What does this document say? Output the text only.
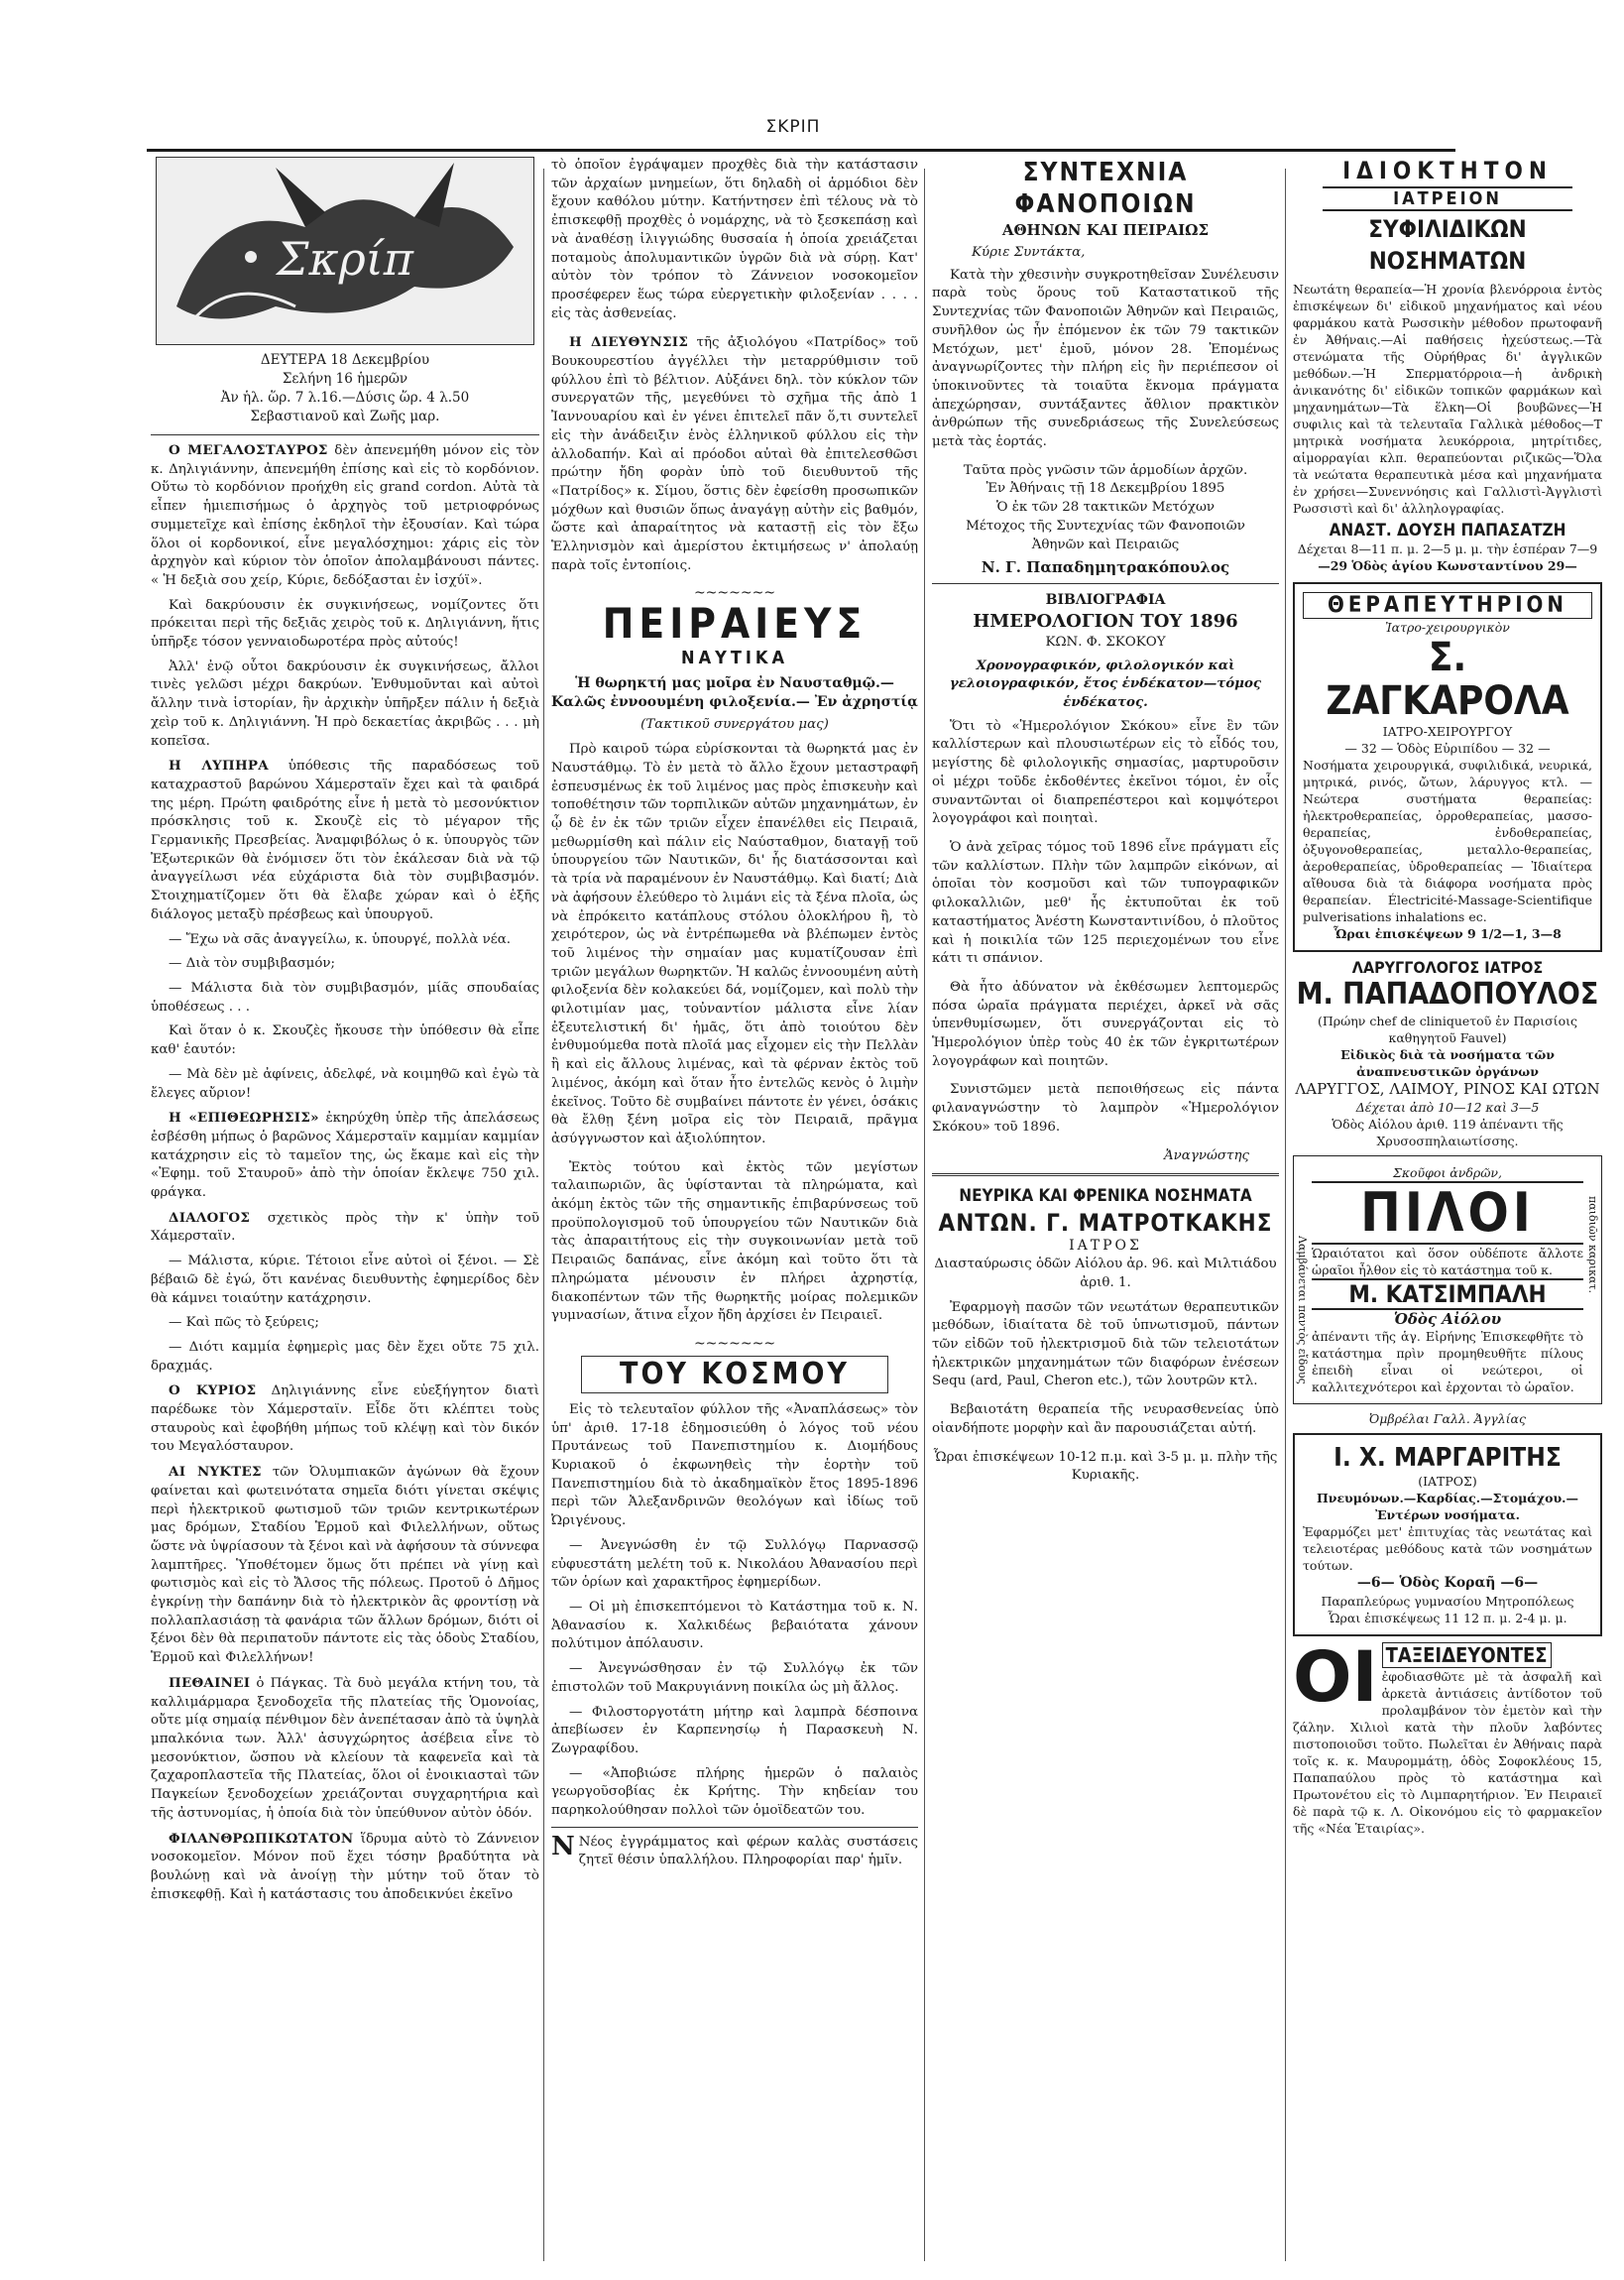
ΣΚΡΙΠ
Σκρίπ
ΔΕΥΤΕΡΑ 18 Δεκεμβρίου
Σελήνη 16 ἡμερῶν
Ἀν ἡλ. ὥρ. 7 λ.16.—Δύσις ὥρ. 4 λ.50
Σεβαστιανοῦ καὶ Ζωῆς μαρ.

Ο ΜΕΓΑΛΟΣΤΑΥΡΟΣ δὲν ἀπενεμήθη μόνον εἰς τὸν κ. Δηλιγιάννην, ἀπενεμήθη ἐπίσης καὶ εἰς τὸ κορδόνιον. Οὕτω τὸ κορδόνιον προήχθη εἰς grand cordon. Αὐτὰ τὰ εἶπεν ἡμιεπισήμως ὁ ἀρχηγὸς τοῦ μετριοφρόνως συμμετεῖχε καὶ ἐπίσης ἐκδηλοῖ τὴν ἐξουσίαν. Καὶ τώρα ὅλοι οἱ κορδονικοί, εἶνε μεγαλόσχημοι: χάρις εἰς τὸν ἀρχηγὸν καὶ κύριον τὸν ὁποῖον ἀπολαμβάνουσι πάντες. « Ἡ δεξιὰ σου χείρ, Κύριε, δεδόξασται ἐν ἰσχύϊ».

Καὶ δακρύουσιν ἐκ συγκινήσεως, νομίζοντες ὅτι πρόκειται περὶ τῆς δεξιᾶς χειρὸς τοῦ κ. Δηλιγιάννη, ἥτις ὑπῆρξε τόσον γενναιοδωροτέρα πρὸς αὐτούς!

Ἀλλ' ἐνῷ οὗτοι δακρύουσιν ἐκ συγκινήσεως, ἄλλοι τινὲς γελῶσι μέχρι δακρύων. Ἐνθυμοῦνται καὶ αὐτοὶ ἄλλην τινὰ ἱστορίαν, ἣν ἀρχικὴν ὑπῆρξεν πάλιν ἡ δεξιὰ χεὶρ τοῦ κ. Δηλιγιάννη. Ἡ πρὸ δεκαετίας ἀκριβῶς . . . μὴ κοπεῖσα.

Η ΛΥΠΗΡΑ ὑπόθεσις τῆς παραδόσεως τοῦ καταχραστοῦ βαρώνου Χάμερσταϊν ἔχει καὶ τὰ φαιδρά της μέρη. Πρώτη φαιδρότης εἶνε ἡ μετὰ τὸ μεσονύκτιον πρόσκλησις τοῦ κ. Σκουζὲ εἰς τὸ μέγαρον τῆς Γερμανικῆς Πρεσβείας. Ἀναμφιβόλως ὁ κ. ὑπουργὸς τῶν Ἐξωτερικῶν θὰ ἐνόμισεν ὅτι τὸν ἐκάλεσαν διὰ νὰ τῷ ἀναγγείλωσι νέα εὐχάριστα διὰ τὸν συμβιβασμόν. Στοιχηματίζομεν ὅτι θὰ ἔλαβε χώραν καὶ ὁ ἑξῆς διάλογος μεταξὺ πρέσβεως καὶ ὑπουργοῦ.

— Ἔχω νὰ σᾶς ἀναγγείλω, κ. ὑπουργέ, πολλὰ νέα.

— Διὰ τὸν συμβιβασμόν;

— Μάλιστα διὰ τὸν συμβιβασμόν, μίᾶς σπουδαίας ὑποθέσεως . . .

Καὶ ὅταν ὁ κ. Σκουζὲς ἤκουσε τὴν ὑπόθεσιν θὰ εἶπε καθ' ἑαυτόν:

— Μὰ δὲν μὲ ἀφίνεις, ἀδελφέ, νὰ κοιμηθῶ καὶ ἐγὼ τὰ ἔλεγες αὔριον!

Η «ΕΠΙΘΕΩΡΗΣΙΣ» ἐκηρύχθη ὑπὲρ τῆς ἀπελάσεως ἐσβέσθη μήπως ὁ βαρῶνος Χάμερσταϊν καμμίαν καμμίαν κατάχρησιν εἰς τὸ ταμεῖον της, ὡς ἔκαμε καὶ εἰς τὴν «Ἐφημ. τοῦ Σταυροῦ» ἀπὸ τὴν ὁποίαν ἔκλεψε 750 χιλ. φράγκα.

ΔΙΑΛΟΓΟΣ σχετικὸς πρὸς τὴν κ' ὑπὴν τοῦ Χάμερσταϊν.

— Μάλιστα, κύριε. Τέτοιοι εἶνε αὐτοὶ οἱ ξένοι. — Σὲ βέβαιῶ δὲ ἐγώ, ὅτι κανένας διευθυντὴς ἐφημερίδος δὲν θὰ κάμνει τοιαύτην κατάχρησιν.

— Καὶ πῶς τὸ ξεύρεις;

— Διότι καμμία ἐφημερὶς μας δὲν ἔχει οὔτε 75 χιλ. δραχμάς.

Ο ΚΥΡΙΟΣ Δηλιγιάννης εἶνε εὐεξήγητον διατὶ παρέδωκε τὸν Χάμερσταϊν. Εἶδε ὅτι κλέπτει τοὺς σταυροὺς καὶ ἐφοβήθη μήπως τοῦ κλέψῃ καὶ τὸν δικόν του Μεγαλόσταυρον.

ΑΙ ΝΥΚΤΕΣ τῶν Ὀλυμπιακῶν ἀγώνων θὰ ἔχουν φαίνεται καὶ φωτεινότατα σημεῖα διότι γίνεται σκέψις περὶ ἠλεκτρικοῦ φωτισμοῦ τῶν τριῶν κεντρικωτέρων μας δρόμων, Σταδίου Ἑρμοῦ καὶ Φιλελλήνων, οὕτως ὥστε νὰ ὑψρίασουν τὰ ξένοι καὶ νὰ ἀφήσουν τὰ σύννεφα λαμπτῆρες. Ὑποθέτομεν ὅμως ὅτι πρέπει νὰ γίνῃ καὶ φωτισμὸς καὶ εἰς τὸ Ἄλσος τῆς πόλεως. Προτοῦ ὁ Δῆμος ἐγκρίνῃ τὴν δαπάνην διὰ τὸ ἠλεκτρικὸν ἂς φροντίσῃ νὰ πολλαπλασιάσῃ τὰ φανάρια τῶν ἄλλων δρόμων, διότι οἱ ξένοι δὲν θὰ περιπατοῦν πάντοτε εἰς τὰς ὁδοὺς Σταδίου, Ἑρμοῦ καὶ Φιλελλήνων!

ΠΕΘΑΙΝΕΙ ὁ Πάγκας. Τὰ δυὸ μεγάλα κτήνη του, τὰ καλλιμάρμαρα ξενοδοχεῖα τῆς πλατείας τῆς Ὁμονοίας, οὔτε μίᾳ σημαίᾳ πένθιμον δὲν ἀνεπέτασαν ἀπὸ τὰ ὑψηλὰ μπαλκόνια των. Ἀλλ' ἀσυγχώρητος ἀσέβεια εἶνε τὸ μεσονύκτιον, ὥσπου νὰ κλείουν τὰ καφενεῖα καὶ τὰ ζαχαροπλαστεῖα τῆς Πλατείας, ὅλοι οἱ ἐνοικιασταὶ τῶν Παγκείων ξενοδοχείων χρειάζονται συγχαρητήρια καὶ τῆς ἀστυνομίας, ἡ ὁποία διὰ τὸν ὑπεύθυνον αὐτὸν ὁδόν.

ΦΙΛΑΝΘΡΩΠΙΚΩΤΑΤΟΝ ἵδρυμα αὐτὸ τὸ Ζάννειον νοσοκομεῖον. Μόνον ποῦ ἔχει τόσην βραδύτητα νὰ βουλώνῃ καὶ νὰ ἀνοίγῃ τὴν μύτην τοῦ ὅταν τὸ ἐπισκεφθῇ. Καὶ ἡ κατάστασις του ἀποδεικνύει ἐκεῖνο

τὸ ὁποῖον ἐγράψαμεν προχθὲς διὰ τὴν κατάστασιν τῶν ἀρχαίων μνημείων, ὅτι δηλαδὴ οἱ ἁρμόδιοι δὲν ἔχουν καθόλου μύτην. Κατήντησεν ἐπὶ τέλους νὰ τὸ ἐπισκεφθῇ προχθὲς ὁ νομάρχης, νὰ τὸ ξεσκεπάσῃ καὶ νὰ ἀναθέσῃ ἰλιγγιώδης θυσσαία ἡ ὁποία χρειάζεται ποταμοὺς ἀπολυμαντικῶν ὑγρῶν διὰ νὰ σύρῃ. Κατ' αὐτὸν τὸν τρόπον τὸ Ζάννειον νοσοκομεῖον προσέφερεν ἕως τώρα εὐεργετικὴν φιλοξενίαν . . . . εἰς τὰς ἀσθενείας.

Η ΔΙΕΥΘΥΝΣΙΣ τῆς ἀξιολόγου «Πατρίδος» τοῦ Βουκουρεστίου ἀγγέλλει τὴν μεταρρύθμισιν τοῦ φύλλου ἐπὶ τὸ βέλτιον. Αὐξάνει δηλ. τὸν κύκλον τῶν συνεργατῶν τῆς, μεγεθύνει τὸ σχῆμα τῆς ἀπὸ 1 Ἰαννουαρίου καὶ ἐν γένει ἐπιτελεῖ πᾶν ὅ,τι συντελεῖ εἰς τὴν ἀνάδειξιν ἑνὸς ἑλληνικοῦ φύλλου εἰς τὴν ἀλλοδαπήν. Καὶ αἱ πρόοδοι αὐταὶ θὰ ἐπιτελεσθῶσι πρώτην ἤδη φορὰν ὑπὸ τοῦ διευθυντοῦ τῆς «Πατρίδος» κ. Σίμου, ὅστις δὲν ἐφείσθη προσωπικῶν μόχθων καὶ θυσιῶν ὅπως ἀναγάγῃ αὐτὴν εἰς βαθμόν, ὥστε καὶ ἀπαραίτητος νὰ καταστῇ εἰς τὸν ἔξω Ἑλληνισμὸν καὶ ἀμερίστου ἐκτιμήσεως ν' ἀπολαύῃ παρὰ τοῖς ἐντοπίοις.

~~~~~~~
ΠΕΙΡΑΙΕΥΣ
ΝΑΥΤΙΚΑ

Ἡ θωρηκτή μας μοῖρα ἐν Ναυσταθμῷ.— Καλῶς ἐννοουμένη φιλοξενία.— Ἐν ἀχρηστίᾳ

(Τακτικοῦ συνεργάτου μας)

Πρὸ καιροῦ τώρα εὑρίσκονται τὰ θωρηκτά μας ἐν Ναυστάθμῳ. Τὸ ἐν μετὰ τὸ ἄλλο ἔχουν μεταστραφῆ ἐσπευσμένως ἐκ τοῦ λιμένος μας πρὸς ἐπισκευὴν καὶ τοποθέτησιν τῶν τορπιλικῶν αὐτῶν μηχανημάτων, ἐν ᾧ δὲ ἐν ἐκ τῶν τριῶν εἶχεν ἐπανέλθει εἰς Πειραιᾶ, μεθωρμίσθη καὶ πάλιν εἰς Ναύσταθμον, διαταγῇ τοῦ ὑπουργείου τῶν Ναυτικῶν, δι' ἧς διατάσσονται καὶ τὰ τρία νὰ παραμένουν ἐν Ναυστάθμῳ. Καὶ διατί; Διὰ νὰ ἀφήσουν ἐλεύθερο τὸ λιμάνι εἰς τὰ ξένα πλοῖα, ὡς νὰ ἐπρόκειτο κατάπλους στόλου ὁλοκλήρου ἢ, τὸ χειρότερον, ὡς νὰ ἐντρέπωμεθα νὰ βλέπωμεν ἐντὸς τοῦ λιμένος τὴν σημαίαν μας κυματίζουσαν ἐπὶ τριῶν μεγάλων θωρηκτῶν. Ἡ καλῶς ἐννοουμένη αὐτὴ φιλοξενία δὲν κολακεύει δά, νομίζομεν, καὶ πολὺ τὴν φιλοτιμίαν μας, τοὐναντίον μάλιστα εἶνε λίαν ἐξευτελιστική δι' ἡμᾶς, ὅτι ἀπὸ τοιούτου δὲν ἐνθυμούμεθα ποτὰ πλοῖά μας εἶχομεν εἰς τὴν Πελλὰν ἢ καὶ εἰς ἄλλους λιμένας, καὶ τὰ φέρναν ἐκτὸς τοῦ λιμένος, ἀκόμη καὶ ὅταν ἦτο ἐντελῶς κενὸς ὁ λιμὴν ἐκεῖνος. Τοῦτο δὲ συμβαίνει πάντοτε ἐν γένει, ὁσάκις θὰ ἔλθῃ ξένη μοῖρα εἰς τὸν Πειραιᾶ, πρᾶγμα ἀσύγγνωστον καὶ ἀξιολύπητον.

Ἐκτὸς τούτου καὶ ἐκτὸς τῶν μεγίστων ταλαιπωριῶν, ἃς ὑφίστανται τὰ πληρώματα, καὶ ἀκόμη ἐκτὸς τῶν τῆς σημαντικῆς ἐπιβαρύνσεως τοῦ προϋπολογισμοῦ τοῦ ὑπουργείου τῶν Ναυτικῶν διὰ τὰς ἀπαραιτήτους εἰς τὴν συγκοινωνίαν μετὰ τοῦ Πειραιῶς δαπάνας, εἶνε ἀκόμη καὶ τοῦτο ὅτι τὰ πληρώματα μένουσιν ἐν πλήρει ἀχρηστίᾳ, διακοπέντων τῶν τῆς θωρηκτῆς μοίρας πολεμικῶν γυμνασίων, ἅτινα εἶχον ἤδη ἀρχίσει ἐν Πειραιεῖ.

~~~~~~~
ΤΟΥ ΚΟΣΜΟΥ

Εἰς τὸ τελευταῖον φύλλον τῆς «Ἀναπλάσεως» τὸν ὑπ' ἀριθ. 17-18 ἐδημοσιεύθη ὁ λόγος τοῦ νέου Πρυτάνεως τοῦ Πανεπιστημίου κ. Διομήδους Κυριακοῦ ὁ ἐκφωνηθεὶς τὴν ἑορτὴν τοῦ Πανεπιστημίου διὰ τὸ ἀκαδημαϊκὸν ἔτος 1895-1896 περὶ τῶν Ἀλεξανδρινῶν θεολόγων καὶ ἰδίως τοῦ Ὠριγένους.

— Ἀνεγνώσθη ἐν τῷ Συλλόγῳ Παρνασσῷ εὐφυεστάτη μελέτη τοῦ κ. Νικολάου Ἀθανασίου περὶ τῶν ὁρίων καὶ χαρακτῆρος ἐφημερίδων.

— Οἱ μὴ ἐπισκεπτόμενοι τὸ Κατάστημα τοῦ κ. Ν. Ἀθανασίου κ. Χαλκιδέως βεβαιότατα χάνουν πολύτιμον ἀπόλαυσιν.

— Ἀνεγνώσθησαν ἐν τῷ Συλλόγῳ ἐκ τῶν ἐπιστολῶν τοῦ Μακρυγιάννη ποικίλα ὡς μὴ ἄλλος.

— Φιλοστοργοτάτη μήτηρ καὶ λαμπρὰ δέσποινα ἀπεβίωσεν ἐν Καρπενησίῳ ἡ Παρασκευὴ Ν. Ζωγραφίδου.

— «Ἀποβιώσε πλήρης ἡμερῶν ὁ παλαιὸς γεωργοῦσοβίας ἐκ Κρήτης. Τὴν κηδείαν του παρηκολούθησαν πολλοὶ τῶν ὁμοϊδεατῶν του.

Ν Νέος ἐγγράμματος καὶ φέρων καλὰς συστάσεις ζητεῖ θέσιν ὑπαλλήλου. Πληροφορίαι παρ' ἡμῖν.

ΣΥΝΤΕΧΝΙΑ ΦΑΝΟΠΟΙΩΝ
ΑΘΗΝΩΝ ΚΑΙ ΠΕΙΡΑΙΩΣ

Κύριε Συντάκτα,

Κατὰ τὴν χθεσινὴν συγκροτηθεῖσαν Συνέλευσιν παρὰ τοὺς ὅρους τοῦ Καταστατικοῦ τῆς Συντεχνίας τῶν Φανοποιῶν Ἀθηνῶν καὶ Πειραιῶς, συνῆλθον ὡς ἦν ἐπόμενον ἐκ τῶν 79 τακτικῶν Μετόχων, μετ' ἐμοῦ, μόνον 28. Ἐπομένως ἀναγνωρίζοντες τὴν πλήρη εἰς ἣν περιέπεσον οἱ ὑποκινοῦντες τὰ τοιαῦτα ἔκνομα πράγματα ἀπεχώρησαν, συντάξαντες ἄθλιον πρακτικὸν ἀνθρώπων τῆς συνεδριάσεως τῆς Συνελεύσεως μετὰ τὰς ἑορτάς.

Ταῦτα πρὸς γνῶσιν τῶν ἁρμοδίων ἀρχῶν.

Ἐν Ἀθήναις τῇ 18 Δεκεμβρίου 1895

Ὁ ἐκ τῶν 28 τακτικῶν Μετόχων

Μέτοχος τῆς Συντεχνίας τῶν Φανοποιῶν

Ἀθηνῶν καὶ Πειραιῶς

Ν. Γ. Παπαδημητρακόπουλος

ΒΙΒΛΙΟΓΡΑΦΙΑ
ΗΜΕΡΟΛΟΓΙΟΝ ΤΟΥ 1896

ΚΩΝ. Φ. ΣΚΟΚΟΥ

Χρονογραφικόν, φιλολογικόν καὶ γελοιογραφικόν, ἔτος ἑνδέκατον—τόμος ἑνδέκατος.

Ὅτι τὸ «Ἡμερολόγιον Σκόκου» εἶνε ἓν τῶν καλλίστερων καὶ πλουσιωτέρων εἰς τὸ εἶδός του, μεγίστης δὲ φιλολογικῆς σημασίας, μαρτυροῦσιν οἱ μέχρι τοῦδε ἐκδοθέντες ἐκεῖνοι τόμοι, ἐν οἷς συναντῶνται οἱ διαπρεπέστεροι καὶ κομψότεροι λογογράφοι καὶ ποιηταὶ.

Ὁ ἀνὰ χεῖρας τόμος τοῦ 1896 εἶνε πράγματι εἷς τῶν καλλίστων. Πλὴν τῶν λαμπρῶν εἰκόνων, αἱ ὁποῖαι τὸν κοσμοῦσι καὶ τῶν τυπογραφικῶν φιλοκαλλιῶν, μεθ' ἧς ἐκτυποῦται ἐκ τοῦ καταστήματος Ἀνέστη Κωνσταντινίδου, ὁ πλοῦτος καὶ ἡ ποικιλία τῶν 125 περιεχομένων του εἶνε κάτι τι σπάνιον.

Θὰ ἦτο ἀδύνατον νὰ ἐκθέσωμεν λεπτομερῶς πόσα ὡραῖα πράγματα περιέχει, ἀρκεῖ νὰ σᾶς ὑπενθυμίσωμεν, ὅτι συνεργάζονται εἰς τὸ Ἡμερολόγιον ὑπὲρ τοὺς 40 ἐκ τῶν ἐγκριτωτέρων λογογράφων καὶ ποιητῶν.

Συνιστῶμεν μετὰ πεποιθήσεως εἰς πάντα φιλαναγνώστην τὸ λαμπρὸν «Ἡμερολόγιον Σκόκου» τοῦ 1896.

Ἀναγνώστης

ΝΕΥΡΙΚΑ ΚΑΙ ΦΡΕΝΙΚΑ ΝΟΣΗΜΑΤΑ
ΑΝΤΩΝ. Γ. ΜΑΤΡΟΤΚΑΚΗΣ
ΙΑΤΡΟΣ

Διασταύρωσις ὁδῶν Αἰόλου ἀρ. 96. καὶ Μιλτιάδου ἀριθ. 1.

Ἐφαρμογὴ πασῶν τῶν νεωτάτων θεραπευτικῶν μεθόδων, ἰδιαίτατα δὲ τοῦ ὑπνωτισμοῦ, πάντων τῶν εἰδῶν τοῦ ἠλεκτρισμοῦ διὰ τῶν τελειοτάτων ἠλεκτρικῶν μηχανημάτων τῶν διαφόρων ἐνέσεων Sequ (ard, Paul, Cheron etc.), τῶν λουτρῶν κτλ.

Βεβαιοτάτη θεραπεία τῆς νευρασθενείας ὑπὸ οἱανδήποτε μορφὴν καὶ ἂν παρουσιάζεται αὐτή.

Ὧραι ἐπισκέψεων 10-12 π.μ. καὶ 3-5 μ. μ. πλὴν τῆς Κυριακῆς.

ΙΔΙΟΚΤΗΤΟΝ
ΙΑΤΡΕΙΟΝ
ΣΥΦΙΛΙΔΙΚΩΝ ΝΟΣΗΜΑΤΩΝ

Νεωτάτη θεραπεία—Ἡ χρονία βλενόρροια ἐντὸς ἐπισκέψεων δι' εἰδικοῦ μηχανήματος καὶ νέου φαρμάκου κατὰ Ρωσσικὴν μέθοδον πρωτοφανῆ ἐν Ἀθήναις.—Αἱ παθήσεις ἠχεύστεως.—Τὰ στενώματα τῆς Οὐρήθρας δι' ἀγγλικῶν μεθόδων.—Ἡ Σπερματόρροια—ἡ ἀνδρικὴ ἀνικανότης δι' εἰδικῶν τοπικῶν φαρμάκων καὶ μηχανημάτων—Τὰ ἕλκη—Οἱ βουβῶνες—Ἡ συφιλις καὶ τὰ τελευταῖα Γαλλικὰ μέθοδος—Τ μητρικὰ νοσήματα λευκόρροια, μητρίτιδες, αἱμορραγίαι κλπ. θεραπεύονται ριζικῶς—Ὅλα τὰ νεώτατα θεραπευτικὰ μέσα καὶ μηχανήματα ἐν χρήσει—Συνεννόησις καὶ Γαλλιστὶ-Ἀγγλιστὶ Ρωσσιστὶ καὶ δι' ἀλληλογραφίας.

ΑΝΑΣΤ. ΔΟΥΣΗ ΠΑΠΑΣΑΤΖΗ

Δέχεται 8—11 π. μ. 2—5 μ. μ. τὴν ἑσπέραν 7—9

—29 Ὁδὸς ἁγίου Κωνσταντίνου 29—

ΘΕΡΑΠΕΥΤΗΡΙΟΝ

Ἰατρο-χειρουργικὸν

Σ. ΖΑΓΚΑΡΟΛΑ

ΙΑΤΡΟ-ΧΕΙΡΟΥΡΓΟΥ

— 32 — Ὁδὸς Εὐριπίδου — 32 —

Νοσήματα χειρουργικά, συφιλιδικά, νευρικά, μητρικά, ρινός, ὤτων, λάρυγγος κτλ. — Νεώτερα συστήματα θεραπείας: ἠλεκτροθεραπείας, ὀρροθεραπείας, μασσο-θεραπείας, ἐνδοθεραπείας, ὀξυγονοθεραπείας, μεταλλο-θεραπείας, ἀεροθεραπείας, ὑδροθεραπείας — Ἰδιαίτερα αἴθουσα διὰ τὰ διάφορα νοσήματα πρὸς θεραπείαν. Électricité-Massage-Scientifique pulverisations inhalations ec.

Ὧραι ἐπισκέψεων 9 1/2—1, 3—8

ΛΑΡΥΓΓΟΛΟΓΟΣ ΙΑΤΡΟΣ
Μ. ΠΑΠΑΔΟΠΟΥΛΟΣ

(Πρώην chef de cliniqueτοῦ ἐν Παρισίοις καθηγητοῦ Fauvel)

Εἰδικὸς διὰ τὰ νοσήματα τῶν ἀναπνευστικῶν ὀργάνων

ΛΑΡΥΓΓΟΣ, ΛΑΙΜΟΥ, ΡΙΝΟΣ ΚΑΙ ΩΤΩΝ

Δέχεται ἀπὸ 10—12 καὶ 3—5

Ὁδὸς Αἰόλου ἀριθ. 119 ἀπέναντι τῆς Χρυσοσπηλαιωτίσσης.

Σκοῦφοι ἀνδρῶν,

ΠΙΛΟΙ

Ὡραιότατοι καὶ ὅσον οὐδέποτε ἄλλοτε ὡραῖοι ἦλθον εἰς τὸ κατάστημα τοῦ κ.

Μ. ΚΑΤΣΙΜΠΑΛΗ

Ὁδὸς Αἰόλου

ἀπέναντι τῆς ἁγ. Εἰρήνης Ἐπισκεφθῆτε τὸ κατάστημα πρὶν προμηθευθῆτε πίλους ἐπειδὴ εἶναι οἱ νεώτεροι, οἱ καλλιτεχνότεροι καὶ ἐρχονται τὸ ὡραῖον.

Λαμβάνεται παντὸς εἴδους	παιδιῶν καρικατ.

Ὀμβρέλαι Γαλλ. Ἀγγλίας

Ι. Χ. ΜΑΡΓΑΡΙΤΗΣ

(ΙΑΤΡΟΣ)

Πνευμόνων.—Καρδίας.—Στομάχου.—Ἐντέρων νοσήματα.

Ἐφαρμόζει μετ' ἐπιτυχίας τὰς νεωτάτας καὶ τελειοτέρας μεθόδους κατὰ τῶν νοσημάτων τούτων.

—6— Ὁδὸς Κοραῆ —6—

Παραπλεύρως γυμνασίου Μητροπόλεως

Ὧραι ἐπισκέψεως 11 12 π. μ. 2-4 μ. μ.

ΟΙ ΤΑΞΕΙΔΕΥΟΝΤΕΣ

ἐφοδιασθῶτε μὲ τὰ ἀσφαλῆ καὶ ἀρκετὰ ἀντιάσεις ἀντίδοτον τοῦ προλαμβάνον τὸν ἐμετὸν καὶ τὴν ζάλην. Χιλιοὶ κατὰ τὴν πλοῦν λαβόντες πιστοποιοῦσι τοῦτο. Πωλεῖται ἐν Ἀθήναις παρὰ τοῖς κ. κ. Μαυρομμάτῃ, ὁδὸς Σοφοκλέους 15, Παπαπαύλου πρὸς τὸ κατάστημα καὶ Πρωτονέτου εἰς τὸ Λιμπαρητήριον. Ἐν Πειραιεῖ δὲ παρὰ τῷ κ. Λ. Οἰκονόμου εἰς τὸ φαρμακεῖον τῆς «Νέα Ἑταιρίας».
